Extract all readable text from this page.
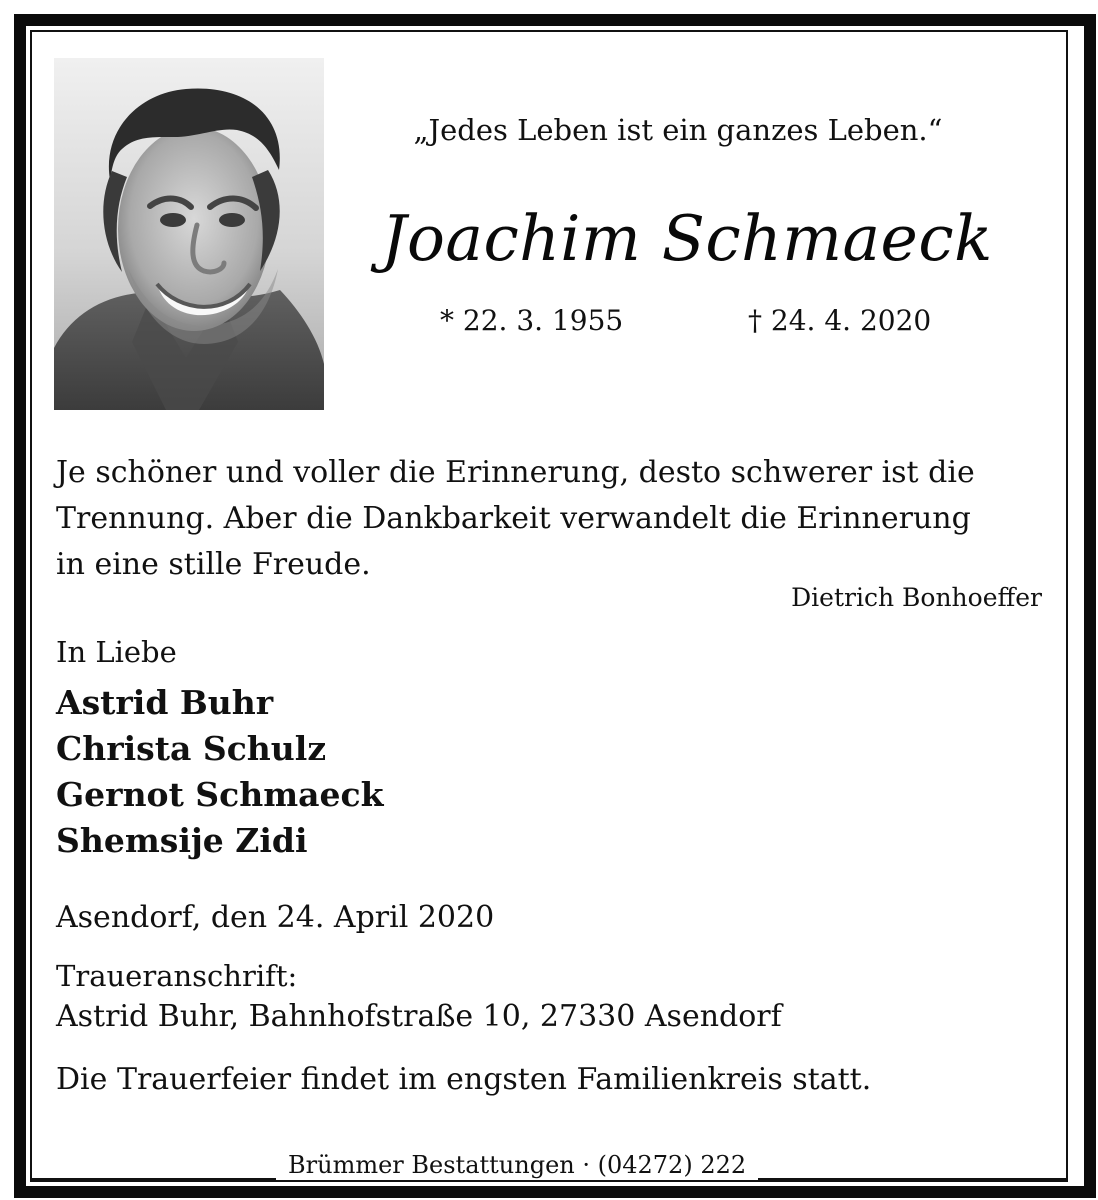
„Jedes Leben ist ein ganzes Leben.“
Joachim Schmaeck
* 22. 3. 1955	† 24. 4. 2020
Je schöner und voller die Erinnerung, desto schwerer ist die
Trennung. Aber die Dankbarkeit verwandelt die Erinnerung
in eine stille Freude.
Dietrich Bonhoeffer
In Liebe
Astrid Buhr
Christa Schulz
Gernot Schmaeck
Shemsije Zidi
Asendorf, den 24. April 2020
Traueranschrift:
Astrid Buhr, Bahnhofstraße 10, 27330 Asendorf
Die Trauerfeier findet im engsten Familienkreis statt.
Brümmer Bestattungen · (04272) 222
